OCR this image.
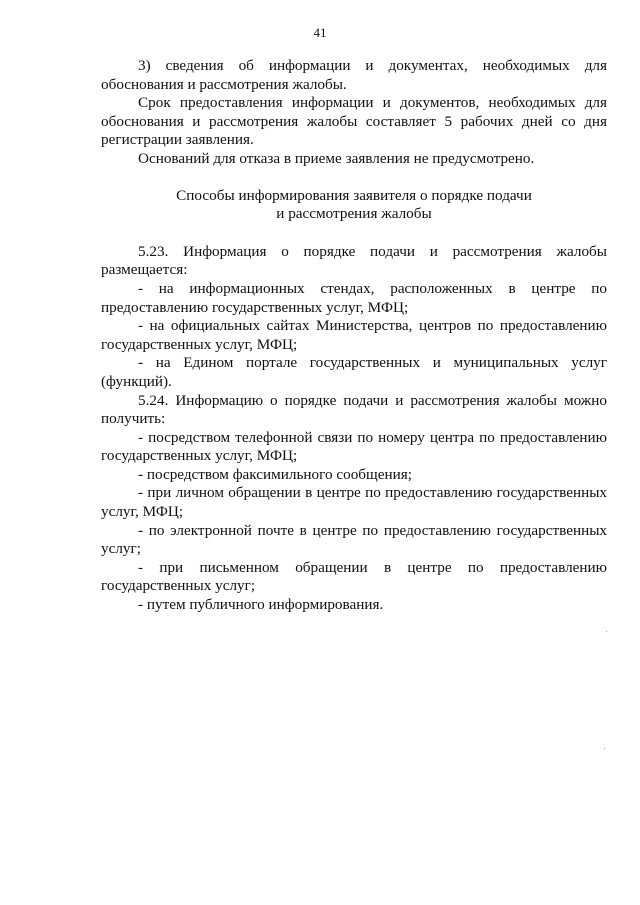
41

3) сведения об информации и документах, необходимых для обоснования и рассмотрения жалобы.

Срок предоставления информации и документов, необходимых для обоснования и рассмотрения жалобы составляет 5 рабочих дней со дня регистрации заявления.

Оснований для отказа в приеме заявления не предусмотрено.

Способы информирования заявителя о порядке подачи
и рассмотрения жалобы

5.23. Информация о порядке подачи и рассмотрения жалобы размещается:

- на информационных стендах, расположенных в центре по предоставлению государственных услуг, МФЦ;

- на официальных сайтах Министерства, центров по предоставлению государственных услуг, МФЦ;

- на Едином портале государственных и муниципальных услуг (функций).

5.24. Информацию о порядке подачи и рассмотрения жалобы можно получить:

- посредством телефонной связи по номеру центра по предоставлению государственных услуг, МФЦ;

- посредством факсимильного сообщения;

- при личном обращении в центре по предоставлению государственных услуг, МФЦ;

- по электронной почте в центре по предоставлению государственных услуг;

- при письменном обращении в центре по предоставлению государственных услуг;

- путем публичного информирования.
